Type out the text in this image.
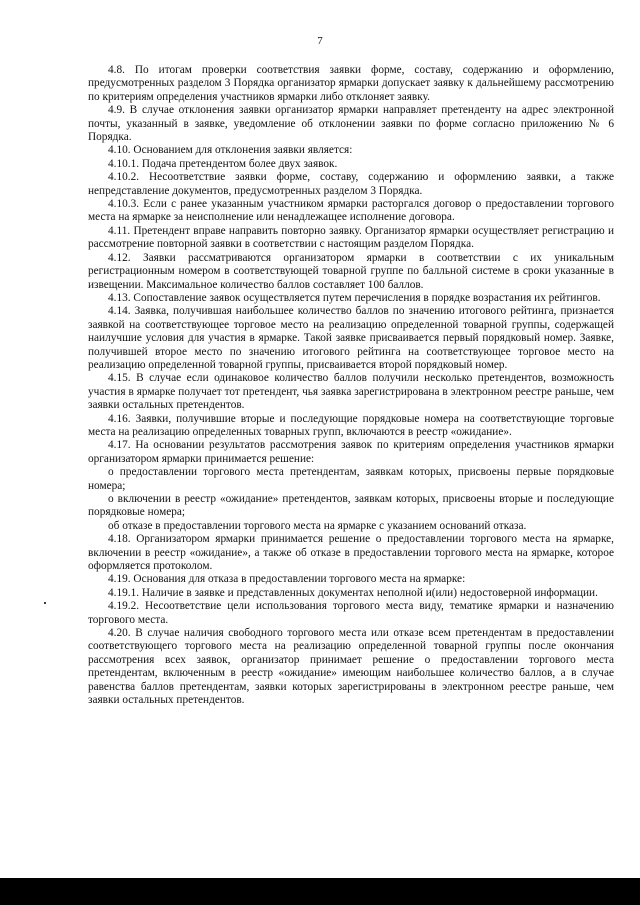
7

4.8. По итогам проверки соответствия заявки форме, составу, содержанию и оформлению, предусмотренных разделом 3 Порядка организатор ярмарки допускает заявку к дальнейшему рассмотрению по критериям определения участников ярмарки либо отклоняет заявку.

4.9. В случае отклонения заявки организатор ярмарки направляет претенденту на адрес электронной почты, указанный в заявке, уведомление об отклонении заявки по форме согласно приложению № 6 Порядка.

4.10. Основанием для отклонения заявки является:

4.10.1. Подача претендентом более двух заявок.

4.10.2. Несоответствие заявки форме, составу, содержанию и оформлению заявки, а также непредставление документов, предусмотренных разделом 3 Порядка.

4.10.3. Если с ранее указанным участником ярмарки расторгался договор о предоставлении торгового места на ярмарке за неисполнение или ненадлежащее исполнение договора.

4.11. Претендент вправе направить повторно заявку. Организатор ярмарки осуществляет регистрацию и рассмотрение повторной заявки в соответствии с настоящим разделом Порядка.

4.12. Заявки рассматриваются организатором ярмарки в соответствии с их уникальным регистрационным номером в соответствующей товарной группе по балльной системе в сроки указанные в извещении. Максимальное количество баллов составляет 100 баллов.

4.13. Сопоставление заявок осуществляется путем перечисления в порядке возрастания их рейтингов.

4.14. Заявка, получившая наибольшее количество баллов по значению итогового рейтинга, признается заявкой на соответствующее торговое место на реализацию определенной товарной группы, содержащей наилучшие условия для участия в ярмарке. Такой заявке присваивается первый порядковый номер. Заявке, получившей второе место по значению итогового рейтинга на соответствующее торговое место на реализацию определенной товарной группы, присваивается второй порядковый номер.

4.15. В случае если одинаковое количество баллов получили несколько претендентов, возможность участия в ярмарке получает тот претендент, чья заявка зарегистрирована в электронном реестре раньше, чем заявки остальных претендентов.

4.16. Заявки, получившие вторые и последующие порядковые номера на соответствующие торговые места на реализацию определенных товарных групп, включаются в реестр «ожидание».

4.17. На основании результатов рассмотрения заявок по критериям определения участников ярмарки организатором ярмарки принимается решение:

о предоставлении торгового места претендентам, заявкам которых, присвоены первые порядковые номера;

о включении в реестр «ожидание» претендентов, заявкам которых, присвоены вторые и последующие порядковые номера;

об отказе в предоставлении торгового места на ярмарке с указанием оснований отказа.

4.18. Организатором ярмарки принимается решение о предоставлении торгового места на ярмарке, включении в реестр «ожидание», а также об отказе в предоставлении торгового места на ярмарке, которое оформляется протоколом.

4.19. Основания для отказа в предоставлении торгового места на ярмарке:

4.19.1. Наличие в заявке и представленных документах неполной и(или) недостоверной информации.

4.19.2. Несоответствие цели использования торгового места виду, тематике ярмарки и назначению торгового места.

4.20. В случае наличия свободного торгового места или отказе всем претендентам в предоставлении соответствующего торгового места на реализацию определенной товарной группы после окончания рассмотрения всех заявок, организатор принимает решение о предоставлении торгового места претендентам, включенным в реестр «ожидание» имеющим наибольшее количество баллов, а в случае равенства баллов претендентам, заявки которых зарегистрированы в электронном реестре раньше, чем заявки остальных претендентов.
